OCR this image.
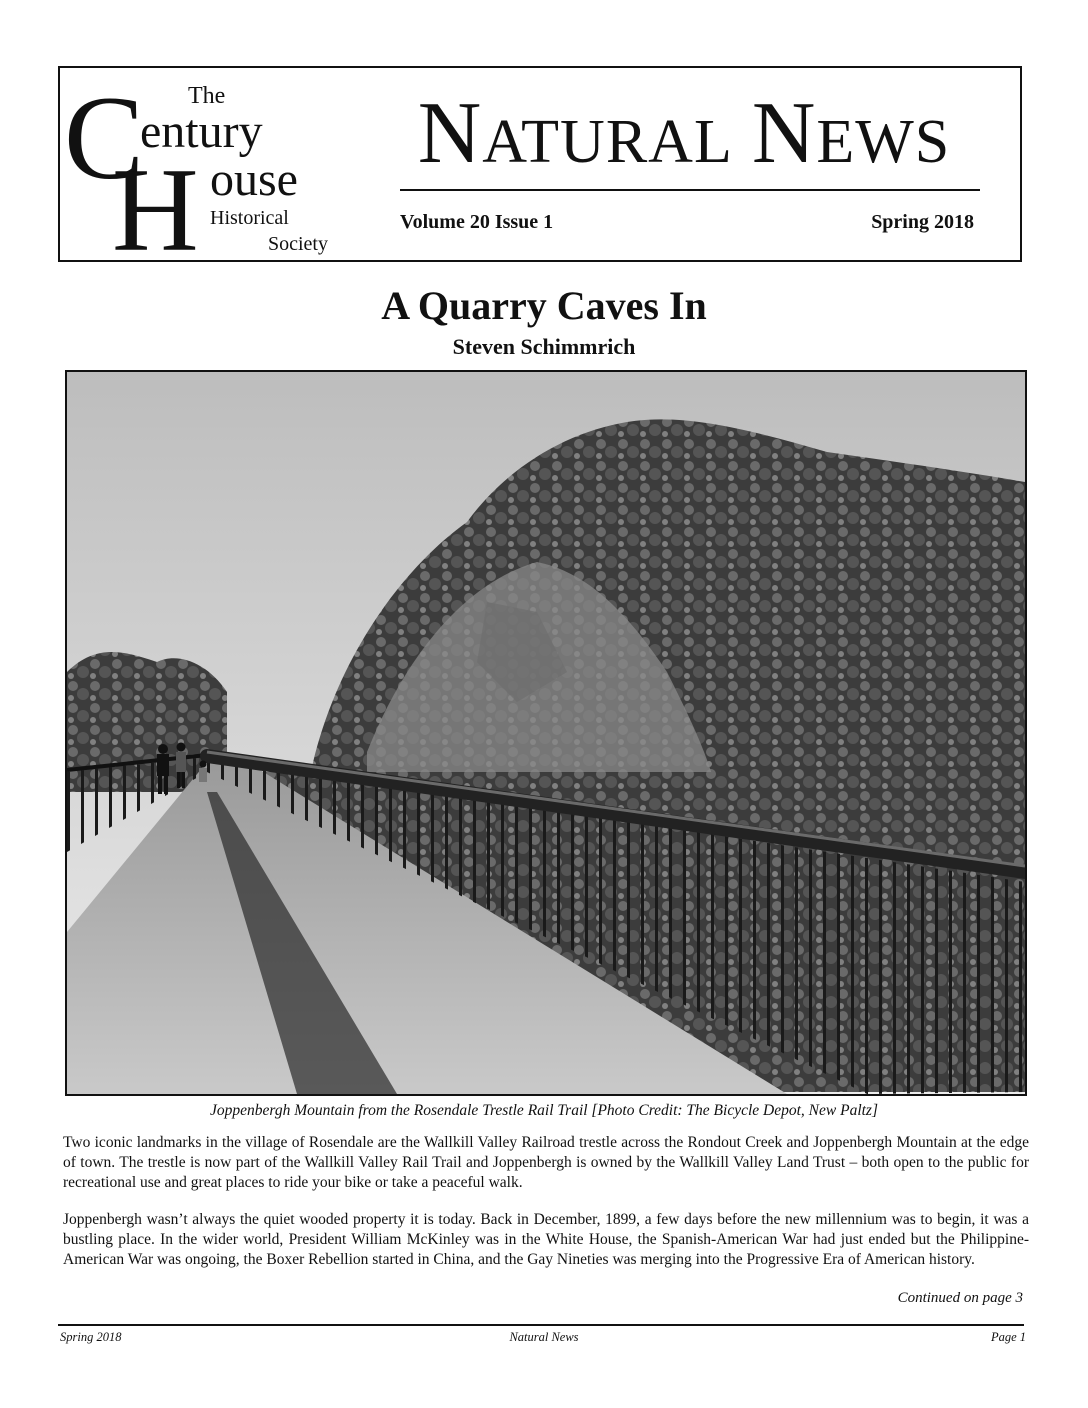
The
C
entury
H ouse
Historical
Society
NATURAL NEWS
Volume 20 Issue 1	Spring 2018
A Quarry Caves In
Steven Schimmrich
Joppenbergh Mountain from the Rosendale Trestle Rail Trail [Photo Credit: The Bicycle Depot, New Paltz]

Two iconic landmarks in the village of Rosendale are the Wallkill Valley Railroad trestle across the Rondout Creek and Joppenbergh Mountain at the edge of town. The trestle is now part of the Wallkill Valley Rail Trail and Joppenbergh is owned by the Wallkill Valley Land Trust – both open to the public for recreational use and great places to ride your bike or take a peaceful walk.

Joppenbergh wasn’t always the quiet wooded property it is today. Back in December, 1899, a few days before the new millennium was to begin, it was a bustling place. In the wider world, President William McKinley was in the White House, the Spanish-American War had just ended but the Philippine-American War was ongoing, the Boxer Rebellion started in China, and the Gay Nineties was merging into the Progressive Era of American history.

Continued on page 3
Spring 2018	Natural News	Page 1
